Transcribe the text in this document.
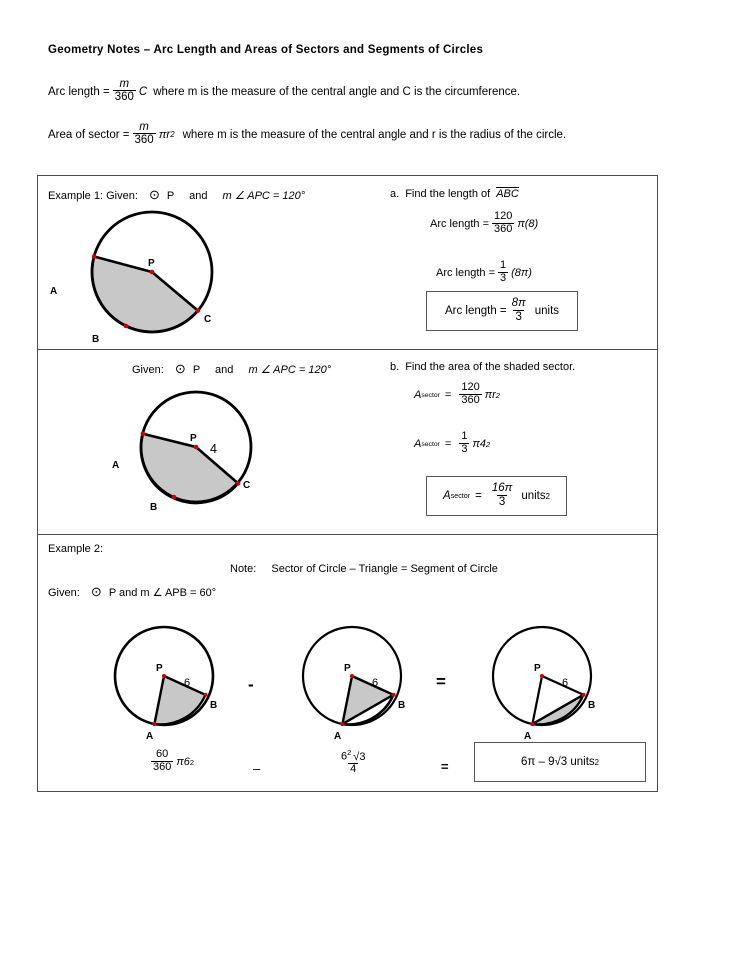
Geometry Notes – Arc Length and Areas of Sectors and Segments of Circles
Arc length = $\frac{m}{360}$ C where m is the measure of the central angle and C is the circumference.
Area of sector = $\frac{m}{360}$ πr 2 where m is the measure of the central angle and r is the radius of the circle.
Example 1: Given: ⊙ P and m ∠ APC = 120°
P
A
B
C
a. Find the length of ABC
Arc length = $\frac{120}{360} \pi(8)$
Arc length = $\frac{1}{3} (8\pi)$
Arc length = $\frac{8\pi}{3}$ units
Given: ⊙ P and m ∠ APC = 120°
P
A
B
C
4
b. Find the area of the shaded sector.
A sector = $\frac{120}{360}$ πr 2
A sector = $\frac{1}{3} \pi 4$ 2
A sector = $\frac{16\pi}{3}$ units 2
Example 2:
Note: Sector of Circle – Triangle = Segment of Circle
Given: ⊙ P and m ∠ APB = 60°
P
A
B
6	-
P
A
B
6	=
P
A
B
6
$\frac{60}{360} \pi 6$ 2	–	$\frac{6^2 √3}{4}$	=	6π – 9√3 units 2
